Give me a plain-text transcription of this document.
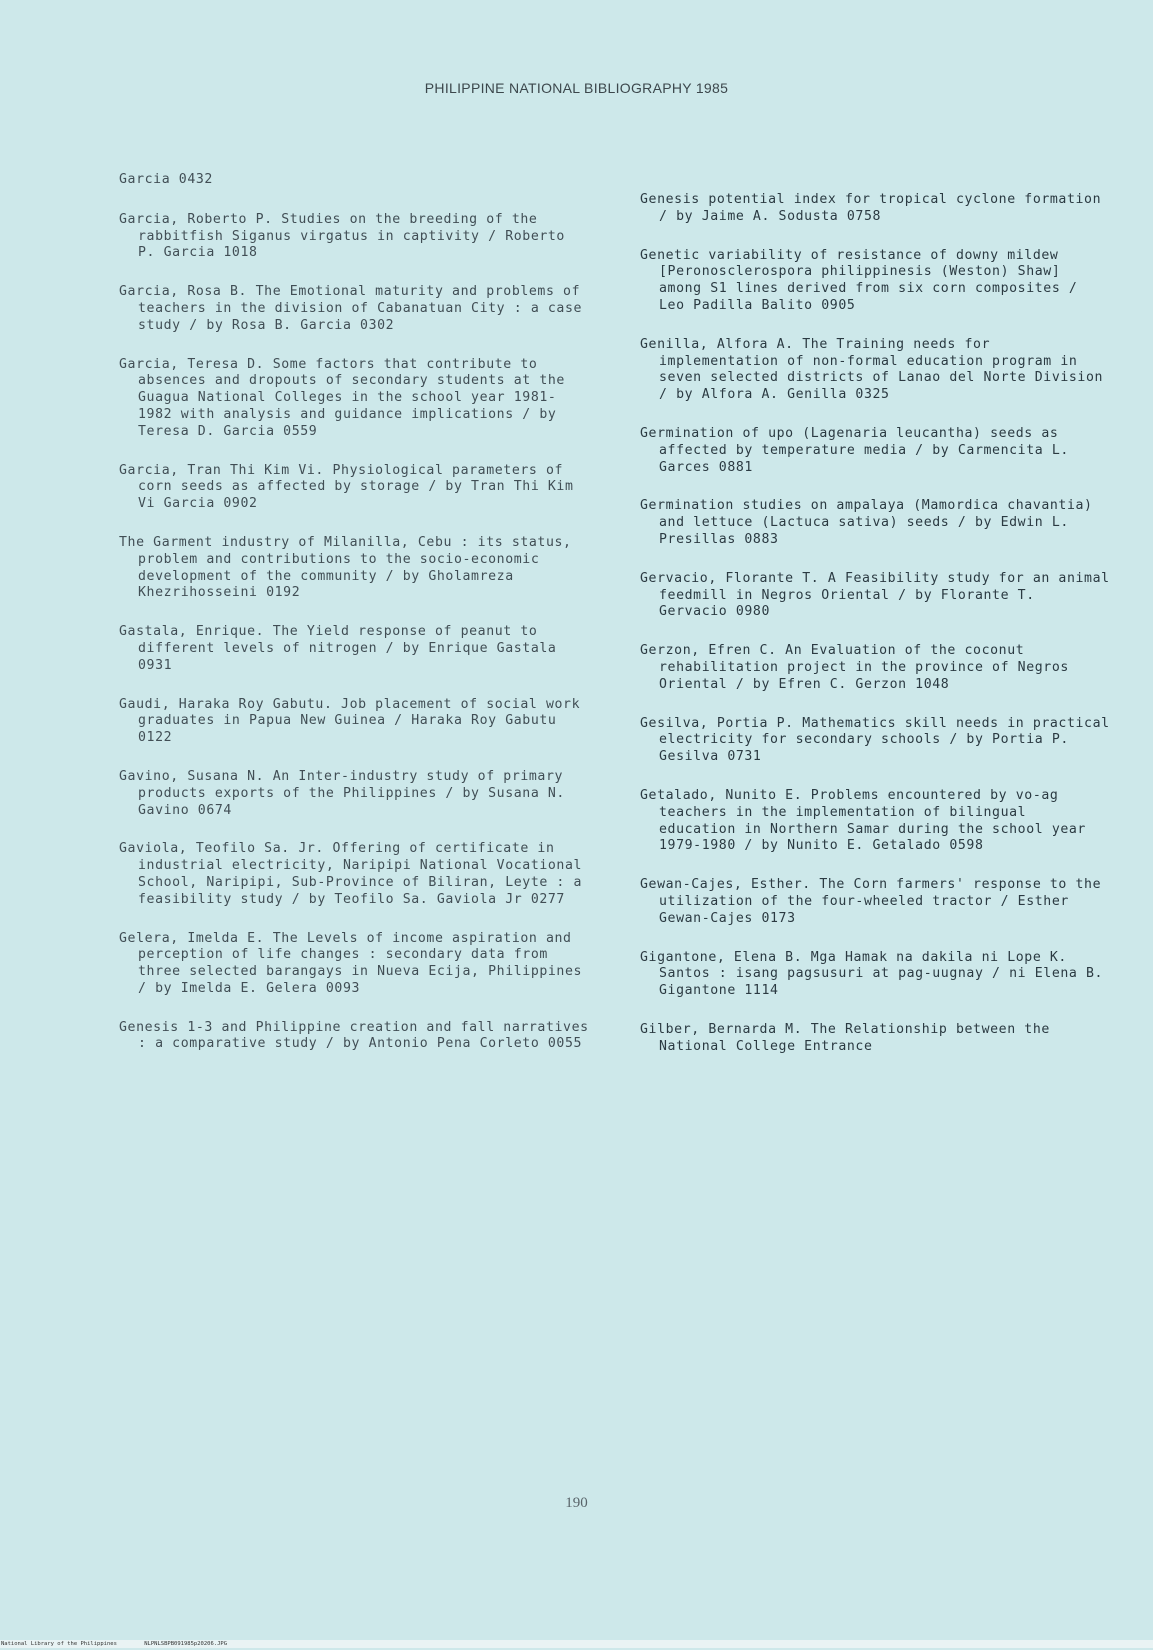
PHILIPPINE NATIONAL BIBLIOGRAPHY 1985
Garcia 0432
Garcia, Roberto P. Studies on the breeding of the rabbitfish Siganus virgatus in captivity / Roberto P. Garcia 1018
Garcia, Rosa B. The Emotional maturity and problems of teachers in the division of Cabanatuan City : a case study / by Rosa B. Garcia 0302
Garcia, Teresa D. Some factors that contribute to absences and dropouts of secondary students at the Guagua National Colleges in the school year 1981-1982 with analysis and guidance implications / by Teresa D. Garcia 0559
Garcia, Tran Thi Kim Vi. Physiological parameters of corn seeds as affected by storage / by Tran Thi Kim Vi Garcia 0902
The Garment industry of Milanilla, Cebu : its status, problem and contributions to the socio-economic development of the community / by Gholamreza Khezrihosseini 0192
Gastala, Enrique. The Yield response of peanut to different levels of nitrogen / by Enrique Gastala 0931
Gaudi, Haraka Roy Gabutu. Job placement of social work graduates in Papua New Guinea / Haraka Roy Gabutu 0122
Gavino, Susana N. An Inter-industry study of primary products exports of the Philippines / by Susana N. Gavino 0674
Gaviola, Teofilo Sa. Jr. Offering of certificate in industrial electricity, Naripipi National Vocational School, Naripipi, Sub-Province of Biliran, Leyte : a feasibility study / by Teofilo Sa. Gaviola Jr 0277
Gelera, Imelda E. The Levels of income aspiration and perception of life changes : secondary data from three selected barangays in Nueva Ecija, Philippines / by Imelda E. Gelera 0093
Genesis 1-3 and Philippine creation and fall narratives : a comparative study / by Antonio Pena Corleto 0055
Genesis potential index for tropical cyclone formation / by Jaime A. Sodusta 0758
Genetic variability of resistance of downy mildew [Peronosclerospora philippinesis (Weston) Shaw] among S1 lines derived from six corn composites / Leo Padilla Balito 0905
Genilla, Alfora A. The Training needs for implementation of non-formal education program in seven selected districts of Lanao del Norte Division / by Alfora A. Genilla 0325
Germination of upo (Lagenaria leucantha) seeds as affected by temperature media / by Carmencita L. Garces 0881
Germination studies on ampalaya (Mamordica chavantia) and lettuce (Lactuca sativa) seeds / by Edwin L. Presillas 0883
Gervacio, Florante T. A Feasibility study for an animal feedmill in Negros Oriental / by Florante T. Gervacio 0980
Gerzon, Efren C. An Evaluation of the coconut rehabilitation project in the province of Negros Oriental / by Efren C. Gerzon 1048
Gesilva, Portia P. Mathematics skill needs in practical electricity for secondary schools / by Portia P. Gesilva 0731
Getalado, Nunito E. Problems encountered by vo-ag teachers in the implementation of bilingual education in Northern Samar during the school year 1979-1980 / by Nunito E. Getalado 0598
Gewan-Cajes, Esther. The Corn farmers' response to the utilization of the four-wheeled tractor / Esther Gewan-Cajes 0173
Gigantone, Elena B. Mga Hamak na dakila ni Lope K. Santos : isang pagsusuri at pag-uugnay / ni Elena B. Gigantone 1114
Gilber, Bernarda M. The Relationship between the National College Entrance
190
National Library of the Philippines	NLPNLSBPB091985p20206.JPG
